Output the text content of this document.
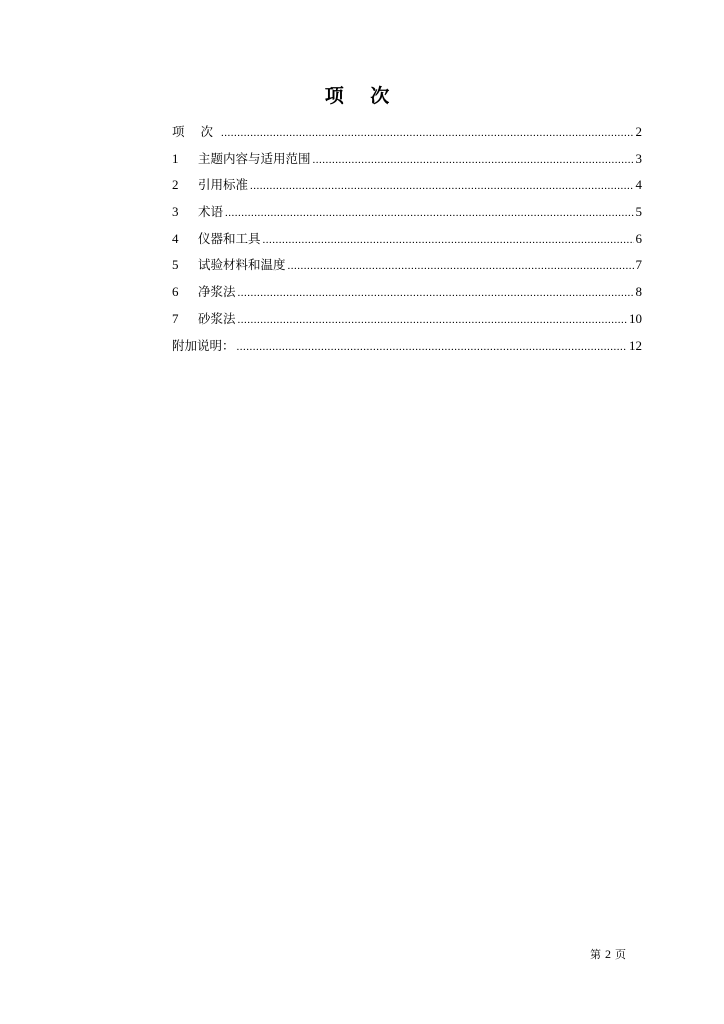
项 次
项 次 .....	2
1	主题内容与适用范围 .....	3
2	引用标准 .....	4
3	术语 .....	5
4	仪器和工具 .....	6
5	试验材料和温度 .....	7
6	净浆法 .....	8
7	砂浆法 .....	10
附加说明： .....	12
第 2 页
